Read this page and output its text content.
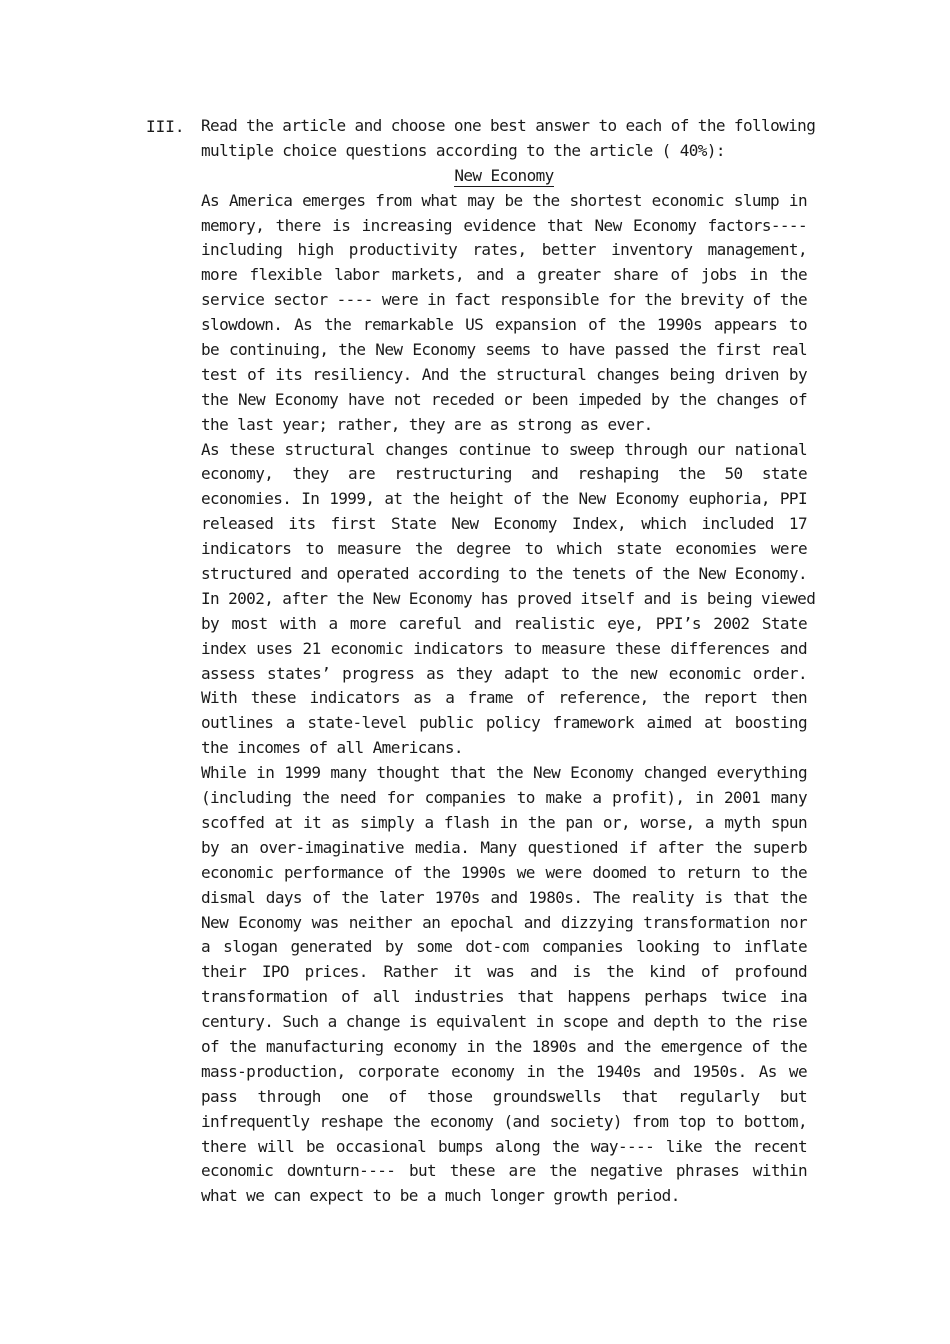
III. Read the article and choose one best answer to each of the following
multiple choice questions according to the article ( 40%):
New Economy
As America emerges from what may be the shortest economic slump in
memory, there is increasing evidence that New Economy factors----
including high productivity rates, better inventory management,
more flexible labor markets, and a greater share of jobs in the
service sector ---- were in fact responsible for the brevity of the
slowdown. As the remarkable US expansion of the 1990s appears to
be continuing, the New Economy seems to have passed the first real
test of its resiliency. And the structural changes being driven by
the New Economy have not receded or been impeded by the changes of
the last year; rather, they are as strong as ever.
As these structural changes continue to sweep through our national
economy, they are restructuring and reshaping the 50 state
economies. In 1999, at the height of the New Economy euphoria, PPI
released its first State New Economy Index, which included 17
indicators to measure the degree to which state economies were
structured and operated according to the tenets of the New Economy.
In 2002, after the New Economy has proved itself and is being viewed
by most with a more careful and realistic eye, PPI’s 2002 State
index uses 21 economic indicators to measure these differences and
assess states’ progress as they adapt to the new economic order.
With these indicators as a frame of reference, the report then
outlines a state-level public policy framework aimed at boosting
the incomes of all Americans.
While in 1999 many thought that the New Economy changed everything
(including the need for companies to make a profit), in 2001 many
scoffed at it as simply a flash in the pan or, worse, a myth spun
by an over-imaginative media. Many questioned if after the superb
economic performance of the 1990s we were doomed to return to the
dismal days of the later 1970s and 1980s. The reality is that the
New Economy was neither an epochal and dizzying transformation nor
a slogan generated by some dot-com companies looking to inflate
their IPO prices. Rather it was and is the kind of profound
transformation of all industries that happens perhaps twice ina
century. Such a change is equivalent in scope and depth to the rise
of the manufacturing economy in the 1890s and the emergence of the
mass-production, corporate economy in the 1940s and 1950s. As we
pass through one of those groundswells that regularly but
infrequently reshape the economy (and society) from top to bottom,
there will be occasional bumps along the way---- like the recent
economic downturn---- but these are the negative phrases within
what we can expect to be a much longer growth period.
